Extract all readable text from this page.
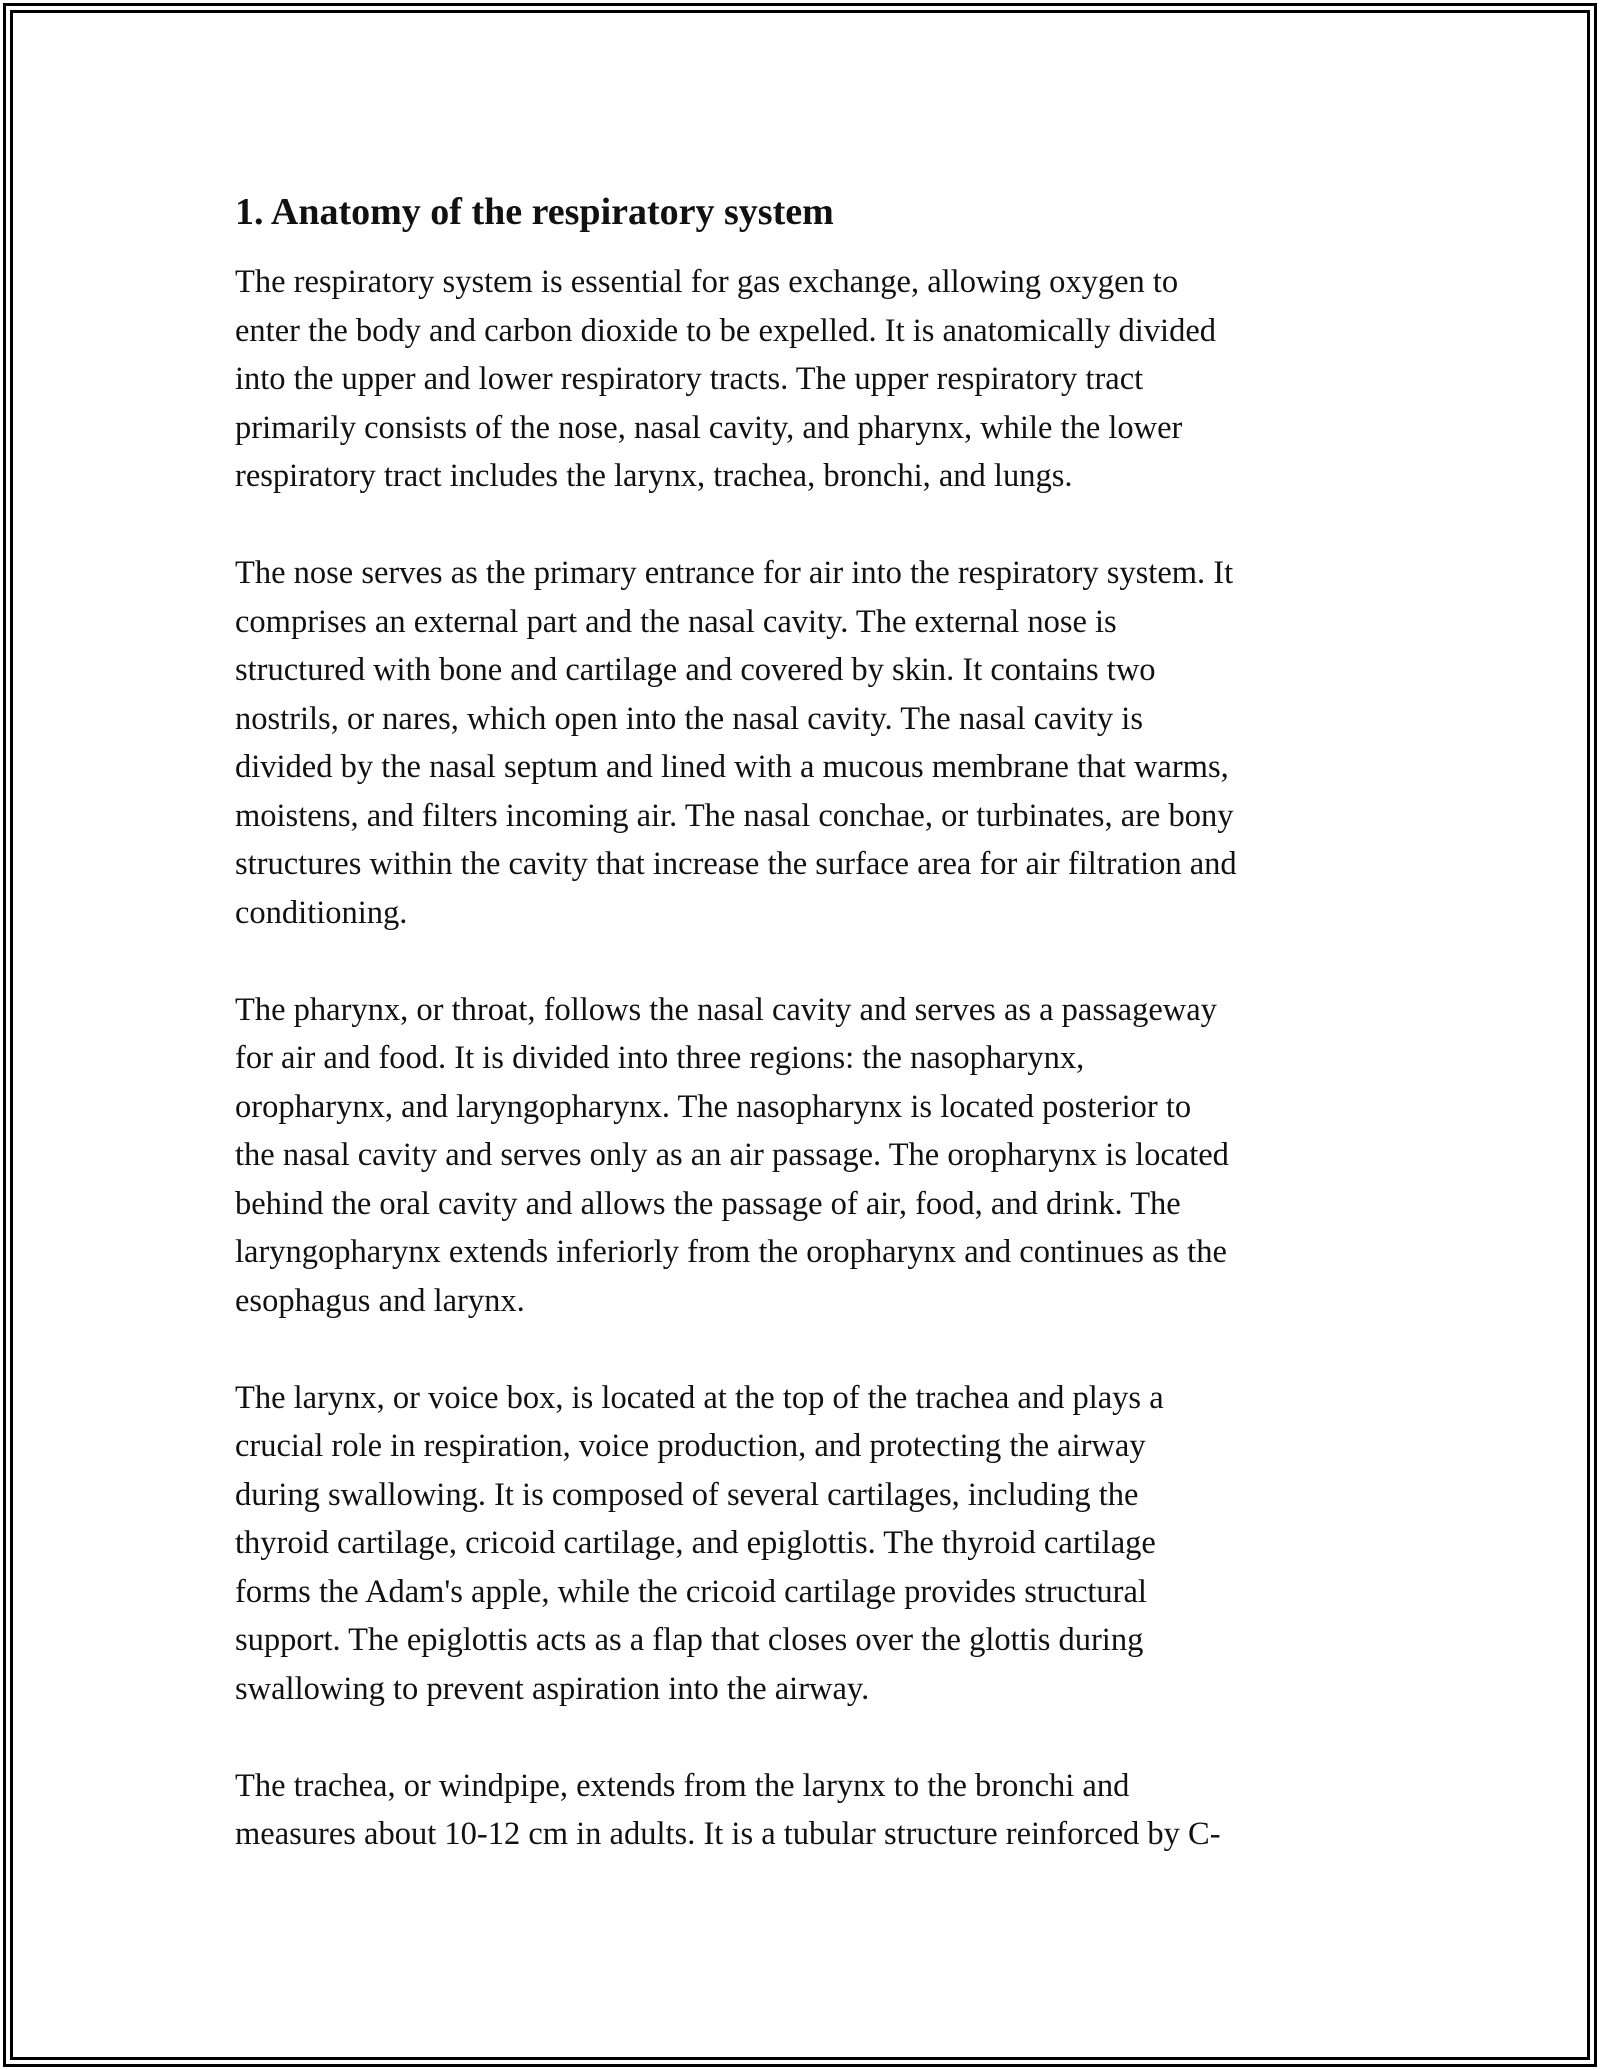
1. Anatomy of the respiratory system

The respiratory system is essential for gas exchange, allowing oxygen to
enter the body and carbon dioxide to be expelled. It is anatomically divided
into the upper and lower respiratory tracts. The upper respiratory tract
primarily consists of the nose, nasal cavity, and pharynx, while the lower
respiratory tract includes the larynx, trachea, bronchi, and lungs.

The nose serves as the primary entrance for air into the respiratory system. It
comprises an external part and the nasal cavity. The external nose is
structured with bone and cartilage and covered by skin. It contains two
nostrils, or nares, which open into the nasal cavity. The nasal cavity is
divided by the nasal septum and lined with a mucous membrane that warms,
moistens, and filters incoming air. The nasal conchae, or turbinates, are bony
structures within the cavity that increase the surface area for air filtration and
conditioning.

The pharynx, or throat, follows the nasal cavity and serves as a passageway
for air and food. It is divided into three regions: the nasopharynx,
oropharynx, and laryngopharynx. The nasopharynx is located posterior to
the nasal cavity and serves only as an air passage. The oropharynx is located
behind the oral cavity and allows the passage of air, food, and drink. The
laryngopharynx extends inferiorly from the oropharynx and continues as the
esophagus and larynx.

The larynx, or voice box, is located at the top of the trachea and plays a
crucial role in respiration, voice production, and protecting the airway
during swallowing. It is composed of several cartilages, including the
thyroid cartilage, cricoid cartilage, and epiglottis. The thyroid cartilage
forms the Adam's apple, while the cricoid cartilage provides structural
support. The epiglottis acts as a flap that closes over the glottis during
swallowing to prevent aspiration into the airway.

The trachea, or windpipe, extends from the larynx to the bronchi and
measures about 10-12 cm in adults. It is a tubular structure reinforced by C-
